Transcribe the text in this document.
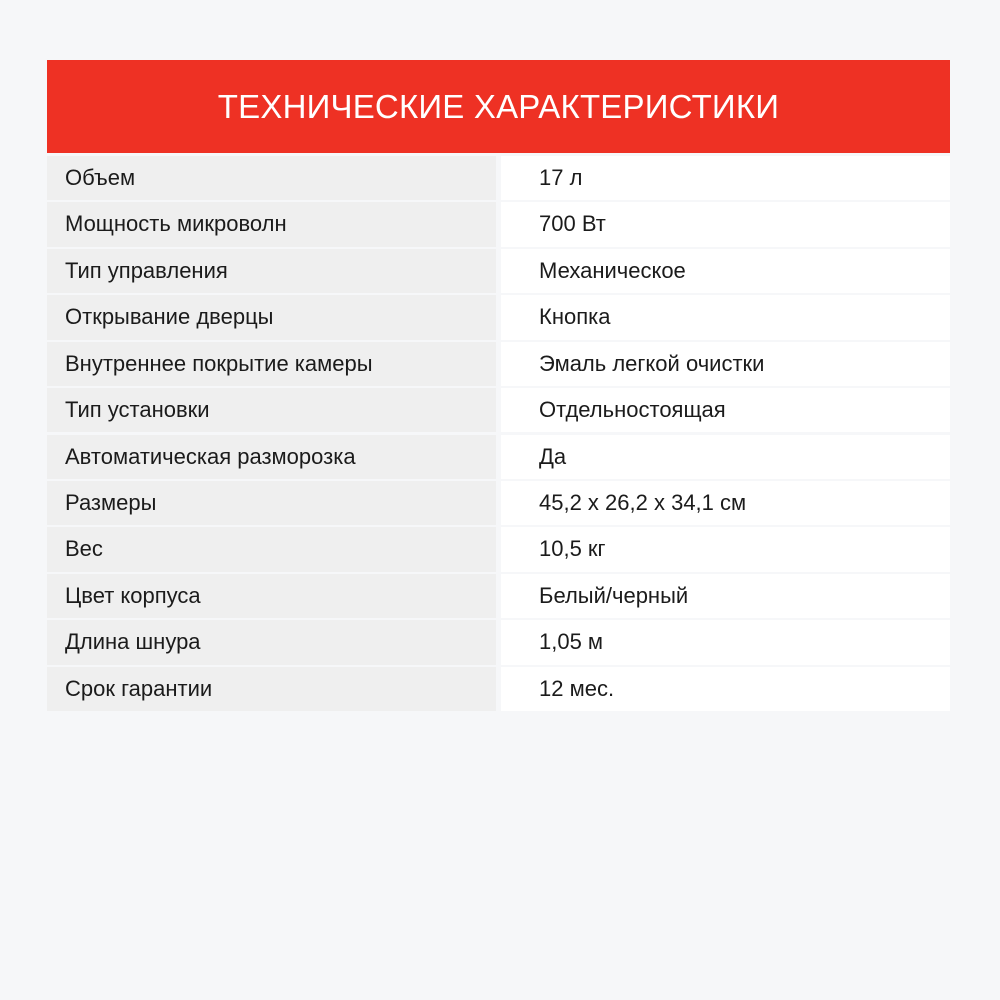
ТЕХНИЧЕСКИЕ ХАРАКТЕРИСТИКИ
Объем	17 л
Мощность микроволн	700 Вт
Тип управления	Механическое
Открывание дверцы	Кнопка
Внутреннее покрытие камеры	Эмаль легкой очистки
Тип установки	Отдельностоящая
Автоматическая разморозка	Да
Размеры	45,2 x 26,2 x 34,1 см
Вес	10,5 кг
Цвет корпуса	Белый/черный
Длина шнура	1,05 м
Срок гарантии	12 мес.
